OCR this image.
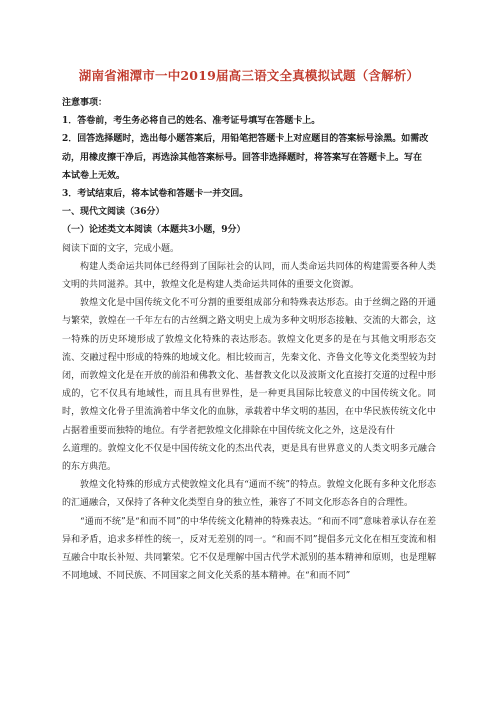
湖南省湘潭市一中2019届高三语文全真模拟试题（含解析）
注意事项：
1．答卷前，考生务必将自己的姓名、准考证号填写在答题卡上。
2．回答选择题时，选出每小题答案后，用铅笔把答题卡上对应题目的答案标号涂黑。如需改
动，用橡皮擦干净后，再选涂其他答案标号。回答非选择题时，将答案写在答题卡上。写在
本试卷上无效。
3．考试结束后，将本试卷和答题卡一并交回。
一、现代文阅读（36分）
（一）论述类文本阅读（本题共3小题，9分）
阅读下面的文字，完成小题。
构建人类命运共同体已经得到了国际社会的认同，而人类命运共同体的构建需要各种人类文明的共同滋养。其中，敦煌文化是构建人类命运共同体的重要文化资源。
敦煌文化是中国传统文化不可分割的重要组成部分和特殊表达形态。由于丝绸之路的开通与繁荣，敦煌在一千年左右的古丝绸之路文明史上成为多种文明形态接触、交流的大都会，这一特殊的历史环境形成了敦煌文化特殊的表达形态。敦煌文化更多的是在与其他文明形态交流、交融过程中形成的特殊的地域文化。相比较而言，先秦文化、齐鲁文化等文化类型较为封闭，而敦煌文化是在开放的前沿和佛教文化、基督教文化以及波斯文化直接打交道的过程中形成的，它不仅具有地域性，而且具有世界性，是一种更具国际比较意义的中国传统文化。同时，敦煌文化骨子里流淌着中华文化的血脉，承载着中华文明的基因，在中华民族传统文化中占据着重要而独特的地位。有学者把敦煌文化排除在中国传统文化之外，这是没有什
么道理的。敦煌文化不仅是中国传统文化的杰出代表，更是具有世界意义的人类文明多元融合的东方典范。
敦煌文化特殊的形成方式使敦煌文化具有“通而不统”的特点。敦煌文化既有多种文化形态的汇通融合，又保持了各种文化类型自身的独立性，兼容了不同文化形态各自的合理性。
“通而不统”是“和而不同”的中华传统文化精神的特殊表达。“和而不同”意味着承认存在差异和矛盾，追求多样性的统一，反对无差别的同一。“和而不同”提倡多元文化在相互变流和相互融合中取长补短、共同繁荣。它不仅是理解中国古代学术派别的基本精神和原则，也是理解不同地域、不同民族、不同国家之间文化关系的基本精神。在“和而不同”
